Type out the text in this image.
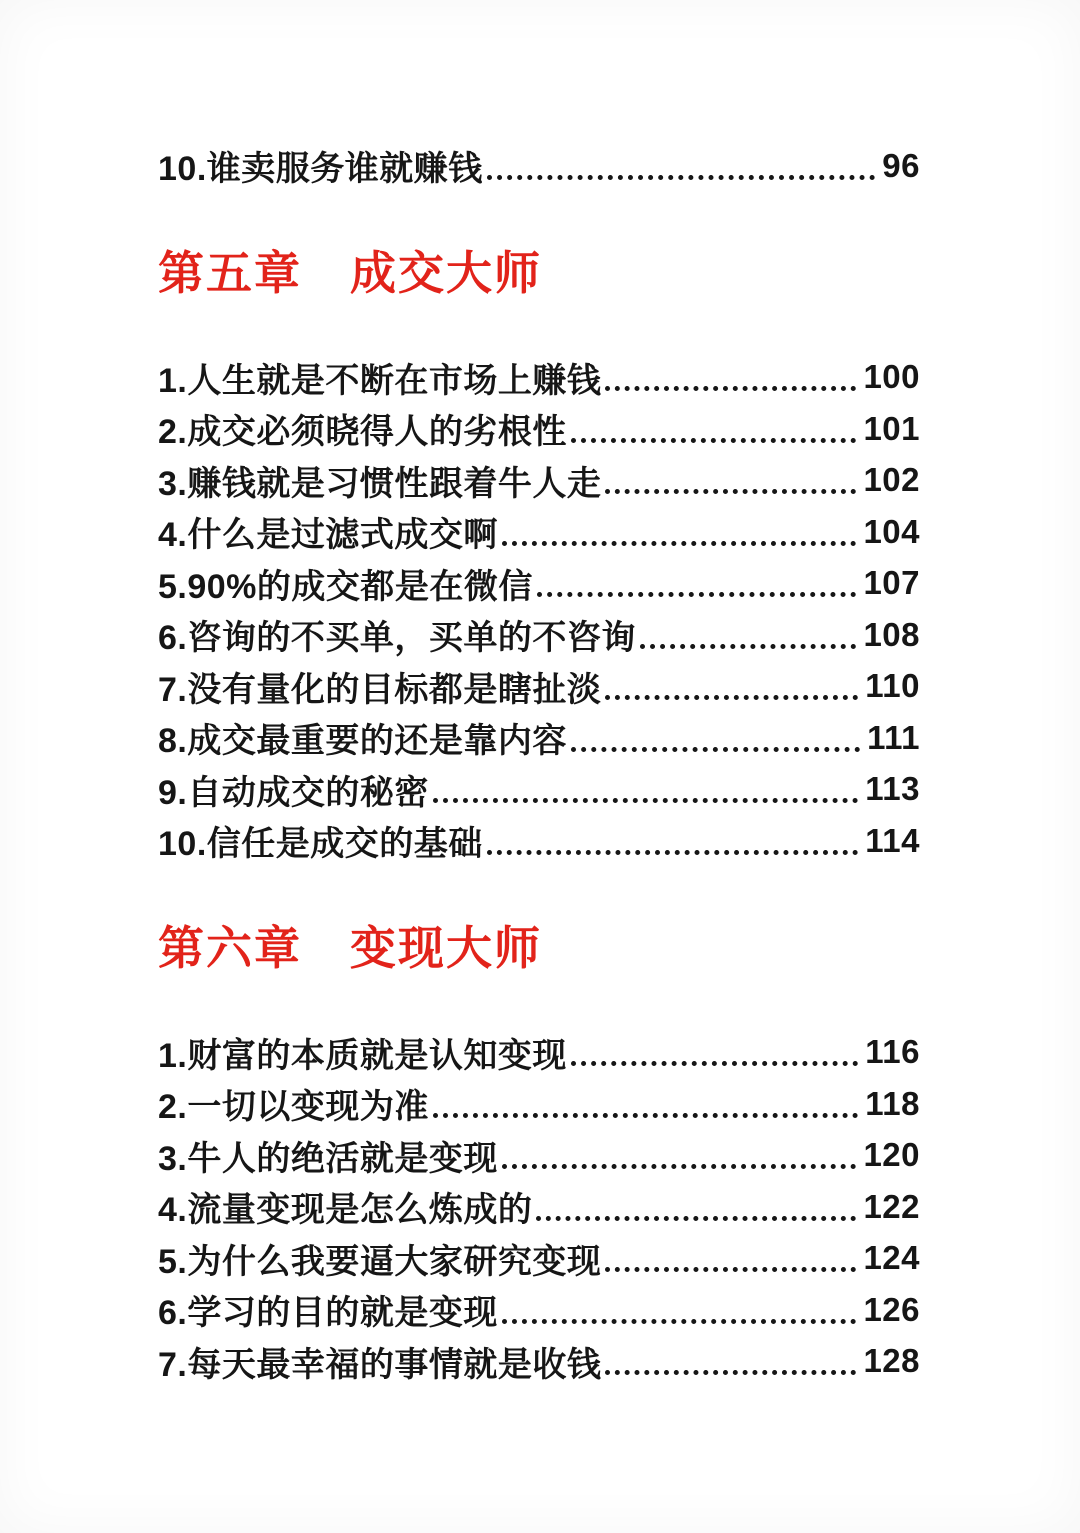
10.谁卖服务谁就赚钱	96
第五章　成交大师
1.人生就是不断在市场上赚钱	100
2.成交必须晓得人的劣根性	101
3.赚钱就是习惯性跟着牛人走	102
4.什么是过滤式成交啊	104
5.90%的成交都是在微信	107
6.咨询的不买单，买单的不咨询	108
7.没有量化的目标都是瞎扯淡	110
8.成交最重要的还是靠内容	111
9.自动成交的秘密	113
10.信任是成交的基础	114
第六章　变现大师
1.财富的本质就是认知变现	116
2.一切以变现为准	118
3.牛人的绝活就是变现	120
4.流量变现是怎么炼成的	122
5.为什么我要逼大家研究变现	124
6.学习的目的就是变现	126
7.每天最幸福的事情就是收钱	128
